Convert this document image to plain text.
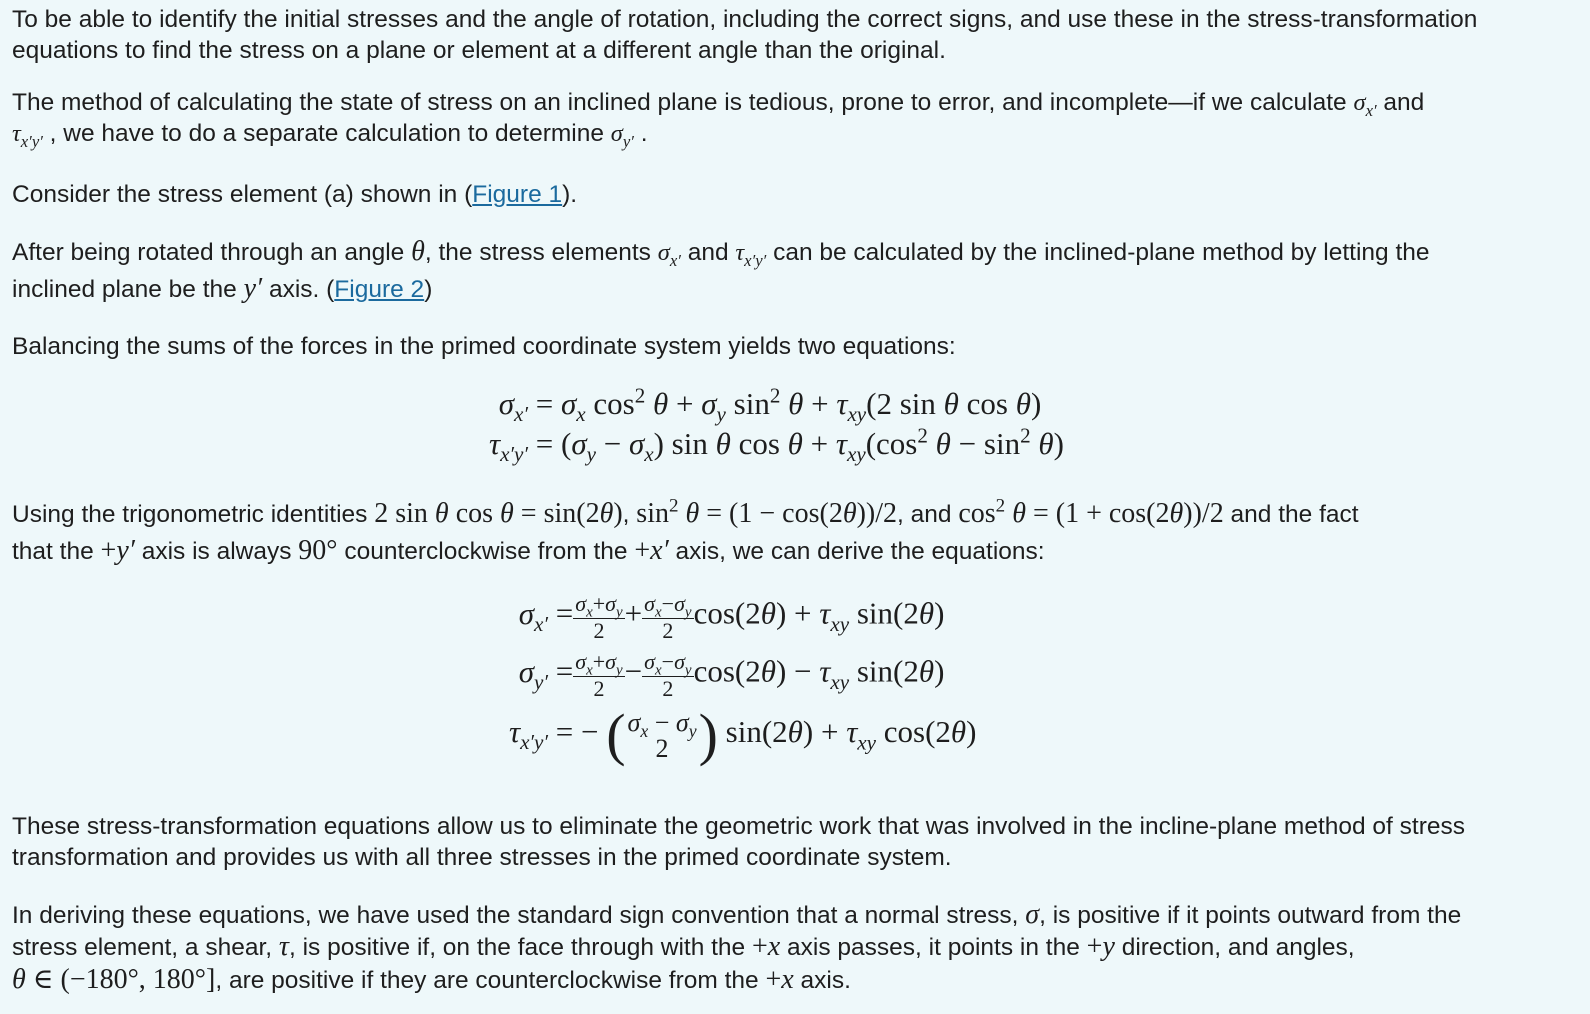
To be able to identify the initial stresses and the angle of rotation, including the correct signs, and use these in the stress-transformation
equations to find the stress on a plane or element at a different angle than the original.
The method of calculating the state of stress on an inclined plane is tedious, prone to error, and incomplete—if we calculate $\sigma_{x'}$ and
$\tau_{x'y'}$ , we have to do a separate calculation to determine $\sigma_{y'}$ .
Consider the stress element (a) shown in (Figure 1).
After being rotated through an angle θ, the stress elements $\sigma_{x'}$ and $\tau_{x'y'}$ can be calculated by the inclined-plane method by letting the
inclined plane be the y′ axis. (Figure 2)
Balancing the sums of the forces in the primed coordinate system yields two equations:
$\sigma_{x'} = \sigma_x$ $\cos^2 \theta + \sigma_y$ $\sin^2 \theta + \tau_{xy}(2$ sin θ cos θ)
$\tau_{x'y'} = (\sigma_y - \sigma_x)$ sin θ $\cos \theta + \tau_{xy}(\cos^2$ $\theta - \sin^2 \theta$)
Using the trigonometric identities 2 sin θ cos θ = sin(2θ), $\sin^2 \theta = (1 - \cos(2\theta))/2$, and $\cos^2 \theta = (1 + \cos(2\theta))/2$ and the fact
that the +y′ axis is always 90° counterclockwise from the +x′ axis, we can derive the equations:
$\sigma_{x'} = \frac{\sigma_x+\sigma_y}{2} + \frac{\sigma_x-\sigma_y}{2} \cos(2\theta) + \tau_{xy}$ sin(2θ)
$\sigma_{y'} = \frac{\sigma_x+\sigma_y}{2} - \frac{\sigma_x-\sigma_y}{2} \cos(2\theta) - \tau_{xy}$ sin(2θ)
$\tau_{x'y'}$ = − ( $\sigma_x - \sigma_y$
2 ) $\sin(2\theta) + \tau_{xy}$ cos(2θ)
These stress-transformation equations allow us to eliminate the geometric work that was involved in the incline-plane method of stress
transformation and provides us with all three stresses in the primed coordinate system.
In deriving these equations, we have used the standard sign convention that a normal stress, σ, is positive if it points outward from the
stress element, a shear, τ, is positive if, on the face through with the +x axis passes, it points in the +y direction, and angles,
θ ∈ (−180°, 180°], are positive if they are counterclockwise from the +x axis.
